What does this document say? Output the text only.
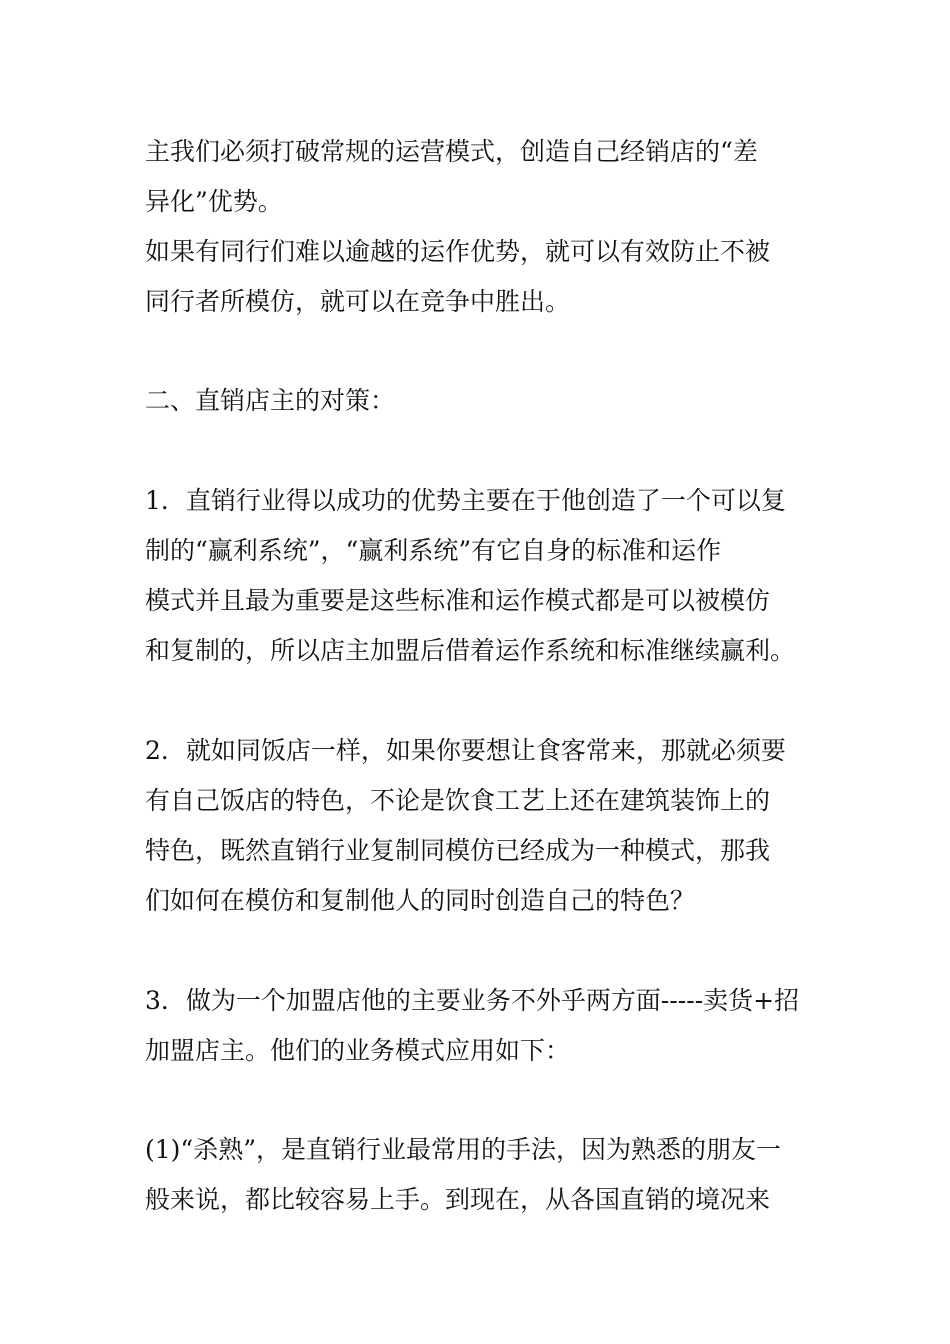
主我们必须打破常规的运营模式，创造自己经销店的“差
异化”优势。
如果有同行们难以逾越的运作优势，就可以有效防止不被
同行者所模仿，就可以在竞争中胜出。
二、直销店主的对策：
1．直销行业得以成功的优势主要在于他创造了一个可以复
制的“赢利系统”，“赢利系统”有它自身的标准和运作
模式并且最为重要是这些标准和运作模式都是可以被模仿
和复制的，所以店主加盟后借着运作系统和标准继续赢利。
2．就如同饭店一样，如果你要想让食客常来，那就必须要
有自己饭店的特色，不论是饮食工艺上还在建筑装饰上的
特色，既然直销行业复制同模仿已经成为一种模式，那我
们如何在模仿和复制他人的同时创造自己的特色？
3．做为一个加盟店他的主要业务不外乎两方面-----卖货+招
加盟店主。他们的业务模式应用如下：
(1)“杀熟”，是直销行业最常用的手法，因为熟悉的朋友一
般来说，都比较容易上手。到现在，从各国直销的境况来
